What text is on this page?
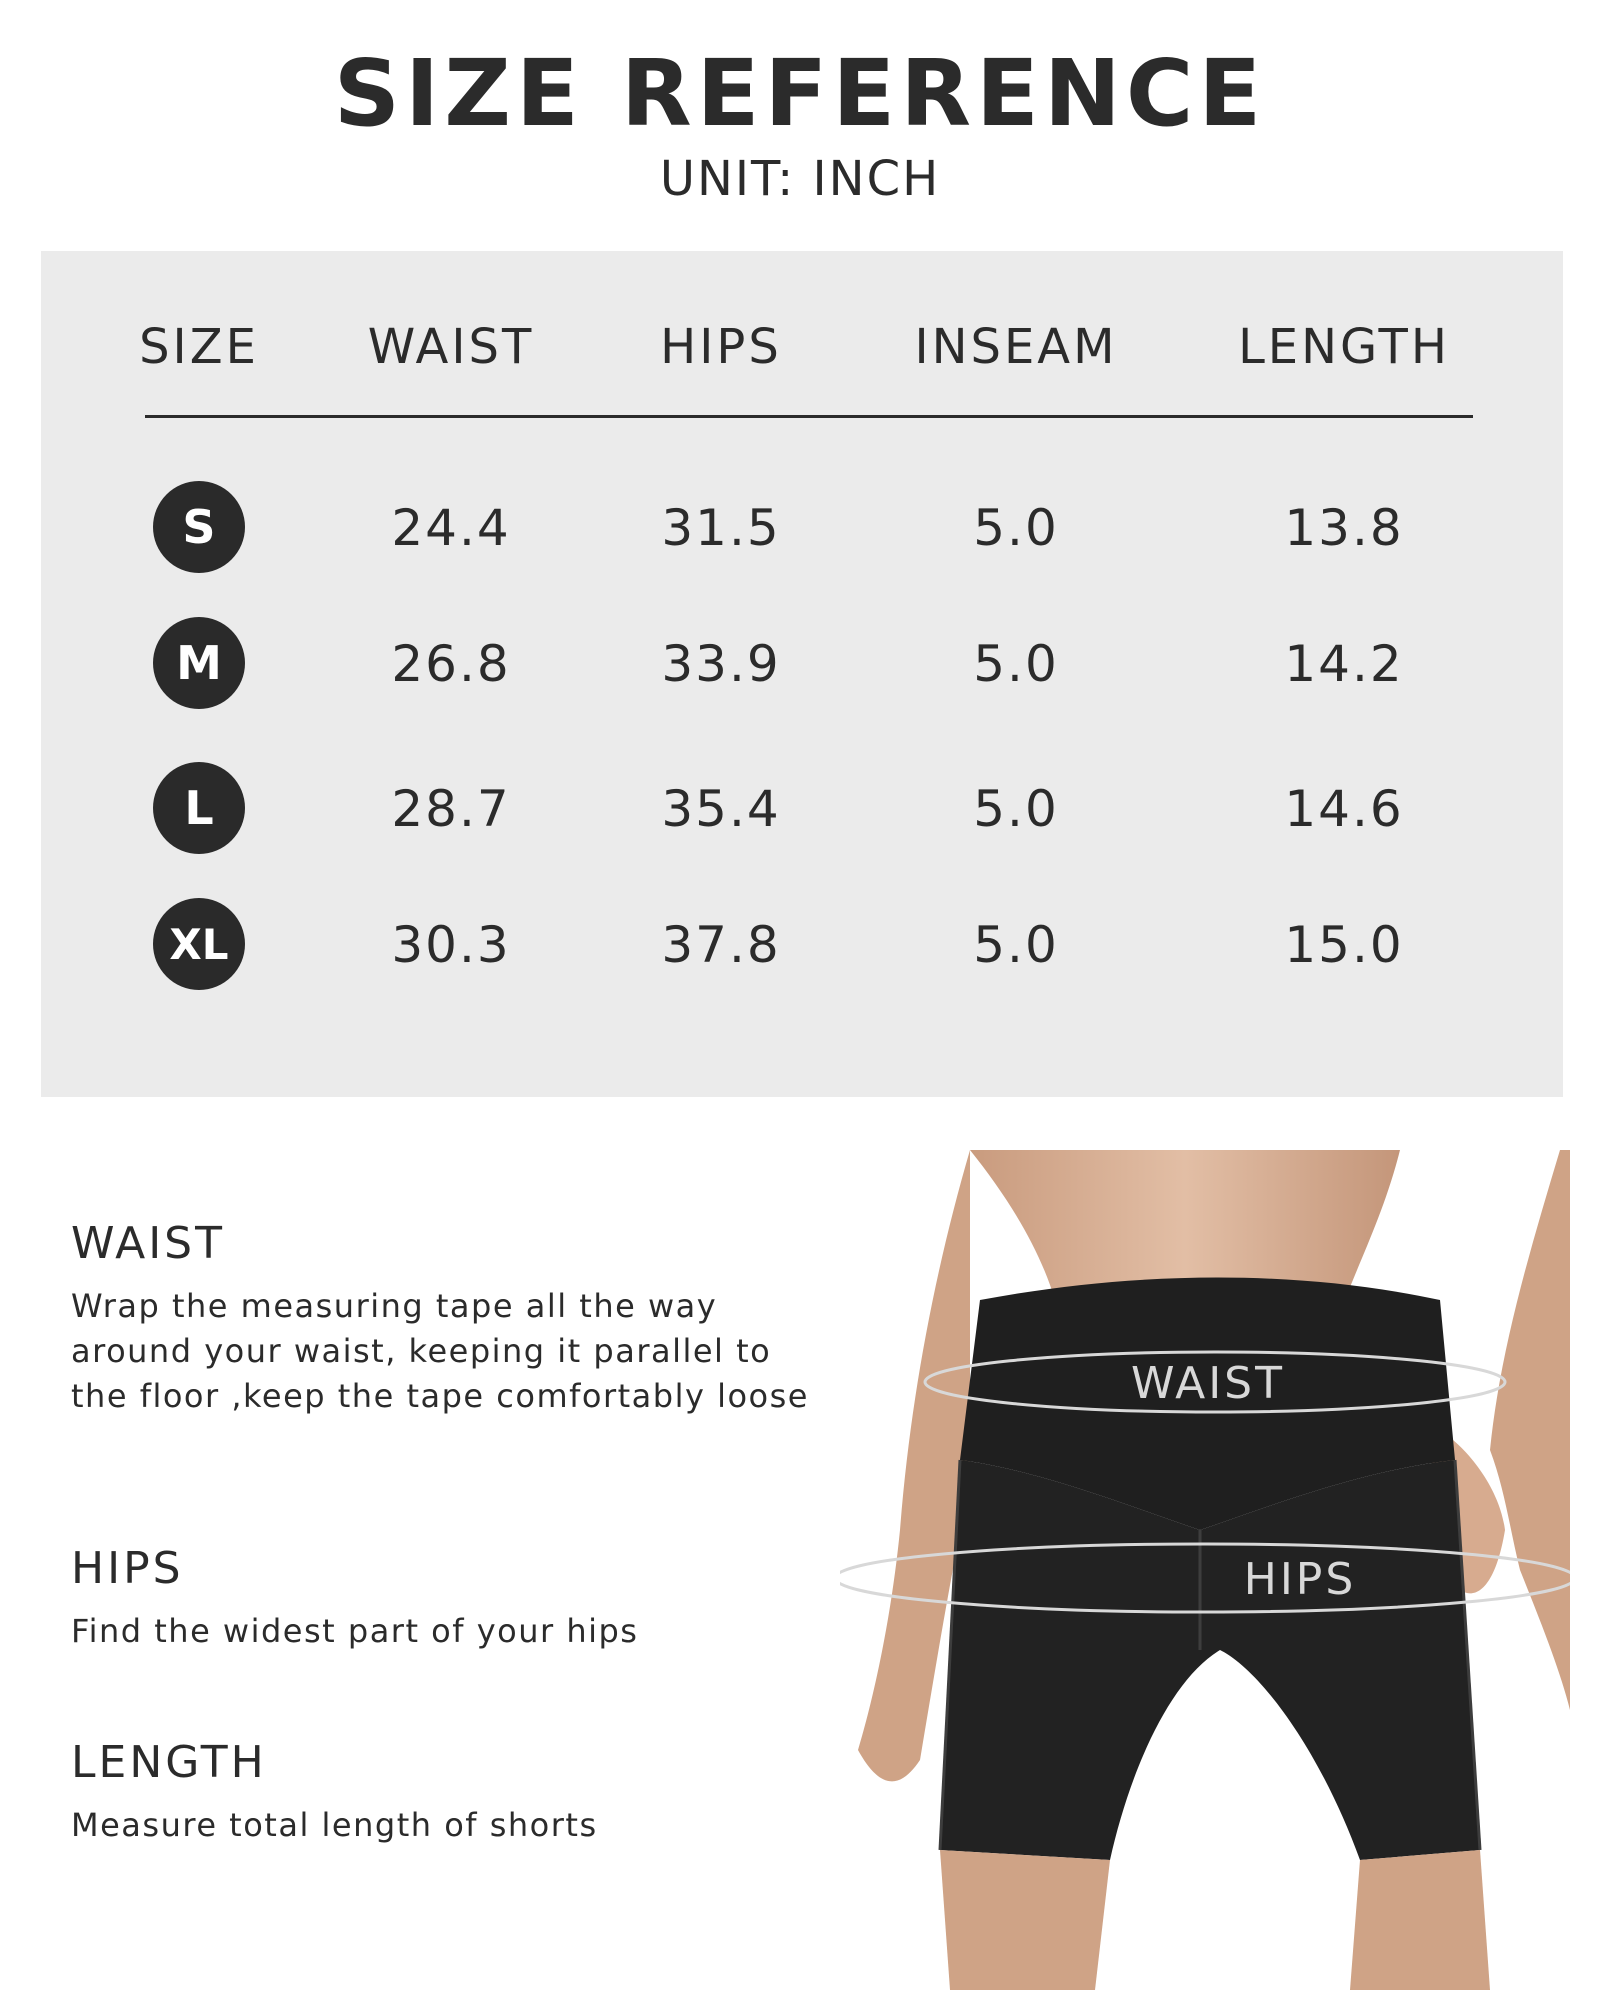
SIZE REFERENCE
UNIT: INCH
SIZE	WAIST	HIPS	INSEAM	LENGTH
S	24.4	31.5	5.0	13.8
M	26.8	33.9	5.0	14.2
L	28.7	35.4	5.0	14.6
XL	30.3	37.8	5.0	15.0
WAIST

Wrap the measuring tape all the way around your waist, keeping it parallel to the floor ,keep the tape comfortably loose

HIPS

Find the widest part of your hips

LENGTH

Measure total length of shorts

WAIST
HIPS
